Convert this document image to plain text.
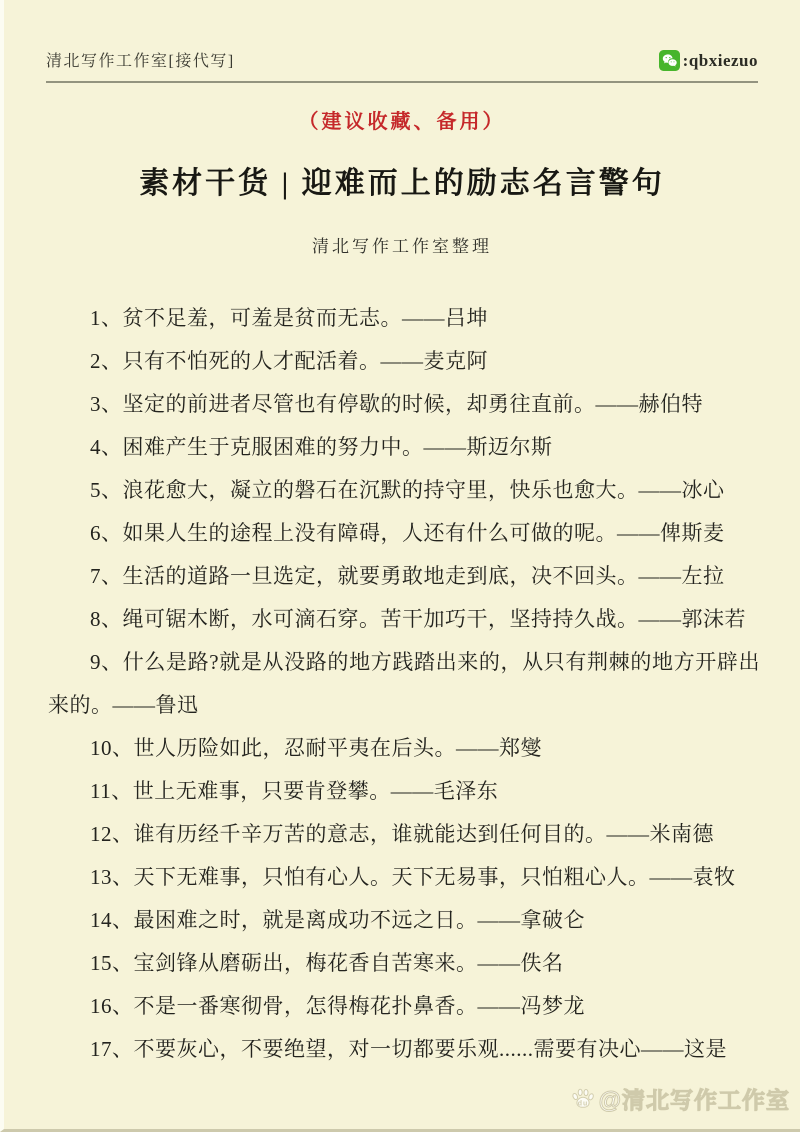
清北写作工作室[接代写]	:qbxiezuo
（建议收藏、备用）
素材干货 | 迎难而上的励志名言警句
清北写作工作室整理

1、贫不足羞，可羞是贫而无志。——吕坤

2、只有不怕死的人才配活着。——麦克阿

3、坚定的前进者尽管也有停歇的时候，却勇往直前。——赫伯特

4、困难产生于克服困难的努力中。——斯迈尔斯

5、浪花愈大，凝立的磐石在沉默的持守里，快乐也愈大。——冰心

6、如果人生的途程上没有障碍，人还有什么可做的呢。——俾斯麦

7、生活的道路一旦选定，就要勇敢地走到底，决不回头。——左拉

8、绳可锯木断，水可滴石穿。苦干加巧干，坚持持久战。——郭沫若

9、什么是路?就是从没路的地方践踏出来的，从只有荆棘的地方开辟出来的。——鲁迅

10、世人历险如此，忍耐平夷在后头。——郑燮

11、世上无难事，只要肯登攀。——毛泽东

12、谁有历经千辛万苦的意志，谁就能达到任何目的。——米南德

13、天下无难事，只怕有心人。天下无易事，只怕粗心人。——袁牧

14、最困难之时，就是离成功不远之日。——拿破仑

15、宝剑锋从磨砺出，梅花香自苦寒来。——佚名

16、不是一番寒彻骨，怎得梅花扑鼻香。——冯梦龙

17、不要灰心，不要绝望，对一切都要乐观......需要有决心——这是

du @清北写作工作室
